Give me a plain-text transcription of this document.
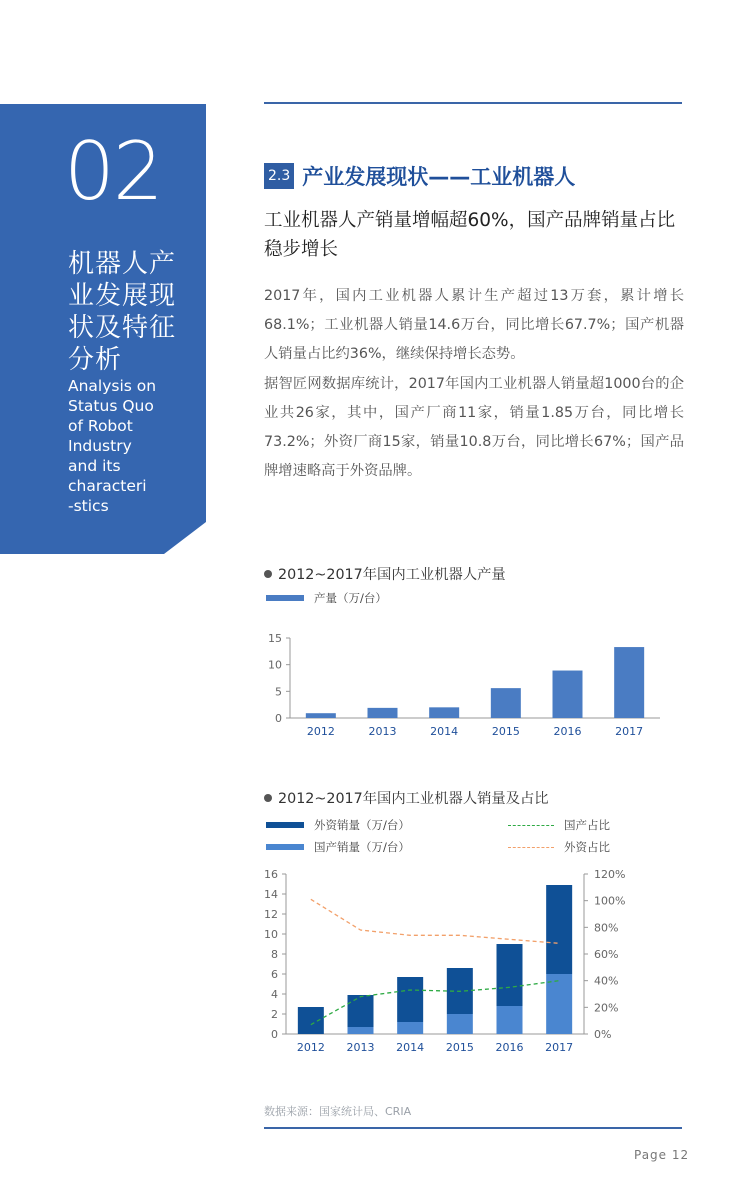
02
机器人产
业发展现
状及特征
分析
Analysis on
Status Quo
of Robot
Industry
and its
characteri
-stics
2.3 产业发展现状——工业机器人
工业机器人产销量增幅超60%，国产品牌销量占比稳步增长
2017年，国内工业机器人累计生产超过13万套，累计增长68.1%；工业机器人销量14.6万台，同比增长67.7%；国产机器人销量占比约36%，继续保持增长态势。
据智匠网数据库统计，2017年国内工业机器人销量超1000台的企业共26家，其中，国产厂商11家，销量1.85万台，同比增长73.2%；外资厂商15家，销量10.8万台，同比增长67%；国产品牌增速略高于外资品牌。
2012~2017年国内工业机器人产量
产量（万/台）
0
5
10
15
2012	2013	2014	2015	2016	2017
2012~2017年国内工业机器人销量及占比
外资销量（万/台）
国产销量（万/台）
国产占比
外资占比
0
2
4
6
8
10
12
14
16
0%
20%
40%
60%
80%
100%
120%
2012 2013 2014 2015 2016 2017
数据来源：国家统计局、CRIA
Page 12
